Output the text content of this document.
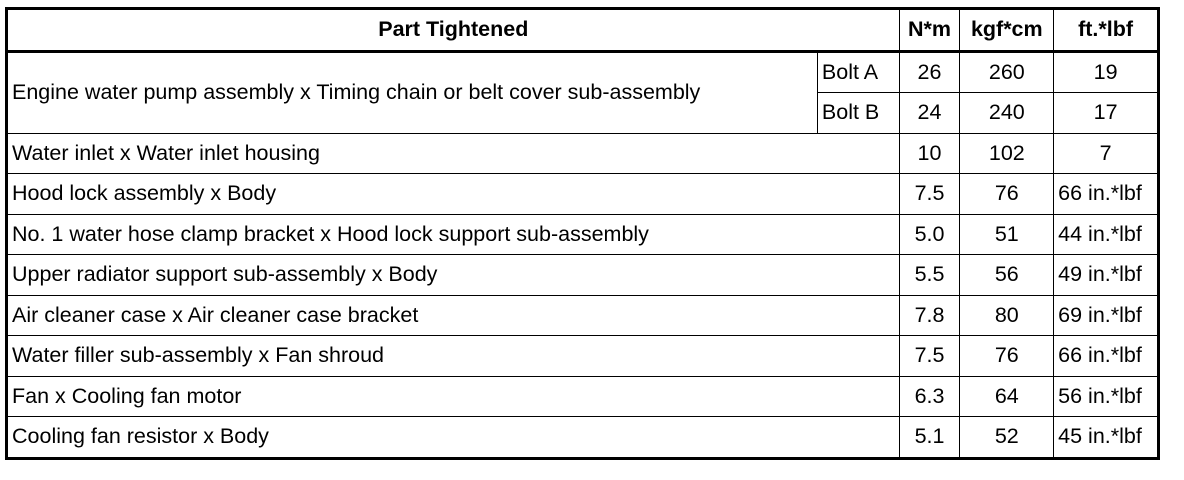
Part Tightened		N*m	kgf*cm	ft.*lbf
Engine water pump assembly x Timing chain or belt cover sub-assembly	Bolt A	26	260	19
	Bolt B	24	240	17
Water inlet x Water inlet housing		10	102	7
Hood lock assembly x Body		7.5	76	66 in.*lbf
No. 1 water hose clamp bracket x Hood lock support sub-assembly		5.0	51	44 in.*lbf
Upper radiator support sub-assembly x Body		5.5	56	49 in.*lbf
Air cleaner case x Air cleaner case bracket		7.8	80	69 in.*lbf
Water filler sub-assembly x Fan shroud		7.5	76	66 in.*lbf
Fan x Cooling fan motor		6.3	64	56 in.*lbf
Cooling fan resistor x Body		5.1	52	45 in.*lbf
